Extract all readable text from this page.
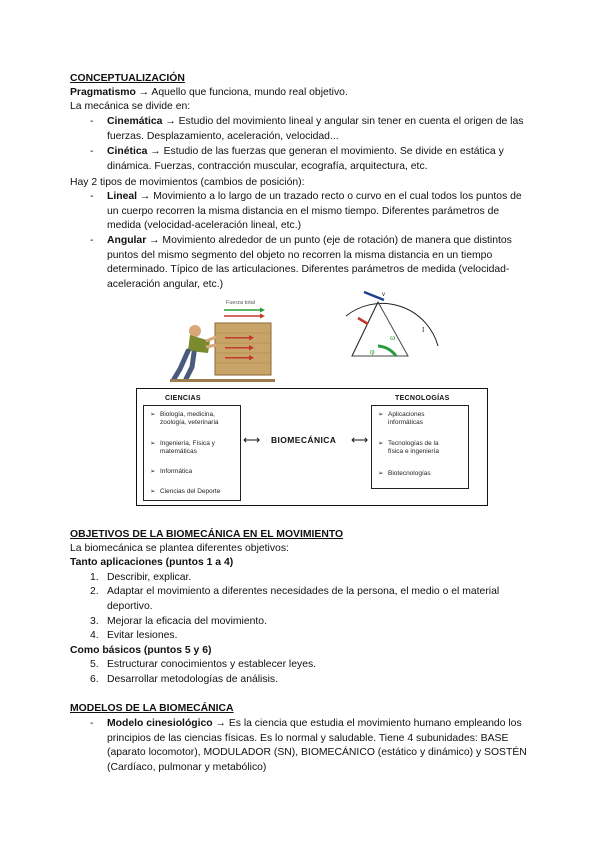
CONCEPTUALIZACIÓN
Pragmatismo → Aquello que funciona, mundo real objetivo.
La mecánica se divide en:
- Cinemática → Estudio del movimiento lineal y angular sin tener en cuenta el origen de las fuerzas. Desplazamiento, aceleración, velocidad...
- Cinética → Estudio de las fuerzas que generan el movimiento. Se divide en estática y dinámica. Fuerzas, contracción muscular, ecografía, arquitectura, etc.
Hay 2 tipos de movimientos (cambios de posición):
- Lineal → Movimiento a lo largo de un trazado recto o curvo en el cual todos los puntos de un cuerpo recorren la misma distancia en el mismo tiempo. Diferentes parámetros de medida (velocidad-aceleración lineal, etc.)
- Angular → Movimiento alrededor de un punto (eje de rotación) de manera que distintos puntos del mismo segmento del objeto no recorren la misma distancia en un tiempo determinado. Típico de las articulaciones. Diferentes parámetros de medida (velocidad-aceleración angular, etc.)
Fuerza total
v
I
ω
φ
CIENCIAS
➢ Biología, medicina, zoología, veterinaria
➢ Ingeniería, Física y matemáticas
➢ Informática
➢ Ciencias del Deporte
⟷ BIOMECÁNICA ⟷
TECNOLOGÍAS
➢ Aplicaciones informáticas
➢ Tecnologías de la física e ingeniería
➢ Biotecnologías
OBJETIVOS DE LA BIOMECÁNICA EN EL MOVIMIENTO
La biomecánica se plantea diferentes objetivos:
Tanto aplicaciones (puntos 1 a 4)
1. Describir, explicar.
2. Adaptar el movimiento a diferentes necesidades de la persona, el medio o el material deportivo.
3. Mejorar la eficacia del movimiento.
4. Evitar lesiones.
Como básicos (puntos 5 y 6)
5. Estructurar conocimientos y establecer leyes.
6. Desarrollar metodologías de análisis.
MODELOS DE LA BIOMECÁNICA
- Modelo cinesiológico → Es la ciencia que estudia el movimiento humano empleando los principios de las ciencias físicas. Es lo normal y saludable. Tiene 4 subunidades: BASE (aparato locomotor), MODULADOR (SN), BIOMECÁNICO (estático y dinámico) y SOSTÉN (Cardíaco, pulmonar y metabólico)
